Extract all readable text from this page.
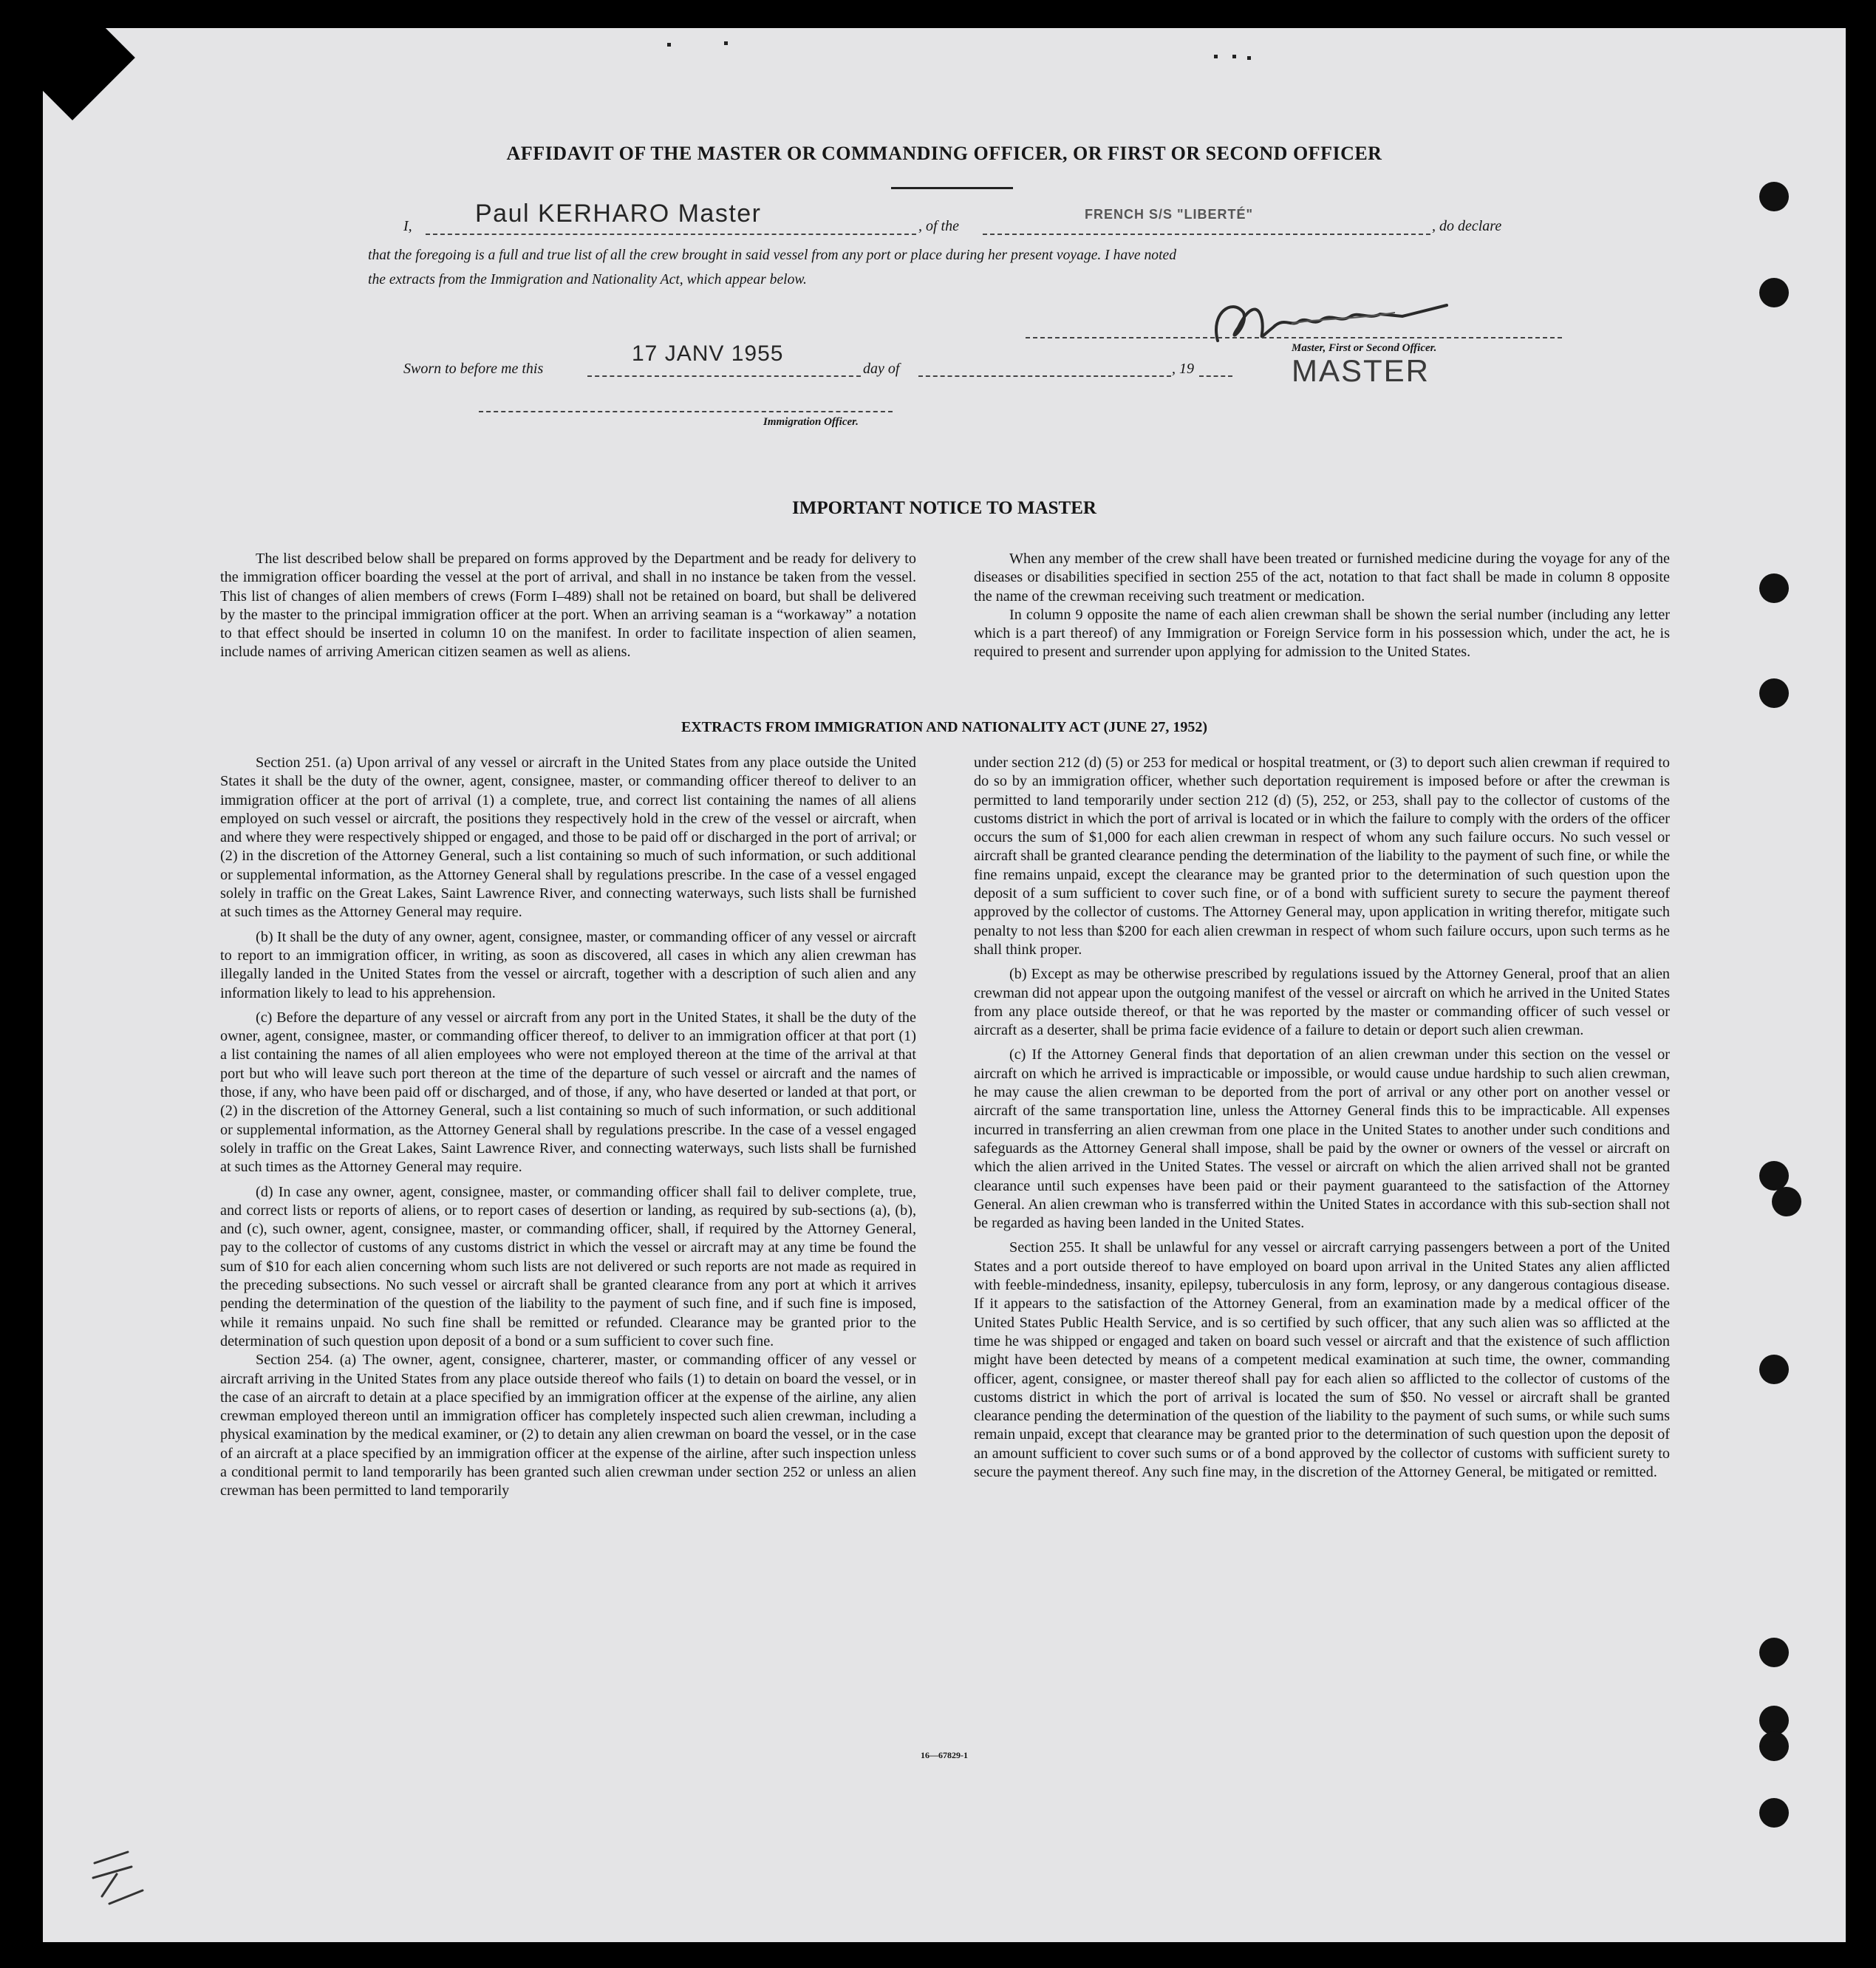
AFFIDAVIT OF THE MASTER OR COMMANDING OFFICER, OR FIRST OR SECOND OFFICER
I,	Paul KERHARO Master	, of the
FRENCH S/S "LIBERTÉ"
, do declare
that the foregoing is a full and true list of all the crew brought in said vessel from any port or place during her present voyage. I have noted
the extracts from the Immigration and Nationality Act, which appear below.
Master, First or Second Officer.
Sworn to before me this
17 JANV 1955
day of	, 19	MASTER
Immigration Officer.
IMPORTANT NOTICE TO MASTER

The list described below shall be prepared on forms approved by the Department and be ready for delivery to the immigration officer boarding the vessel at the port of arrival, and shall in no instance be taken from the vessel. This list of changes of alien members of crews (Form I–489) shall not be retained on board, but shall be delivered by the master to the principal immigration officer at the port. When an arriving seaman is a “workaway” a notation to that effect should be inserted in column 10 on the manifest. In order to facilitate inspection of alien seamen, include names of arriving American citizen seamen as well as aliens.

When any member of the crew shall have been treated or furnished medicine during the voyage for any of the diseases or disabilities specified in section 255 of the act, notation to that fact shall be made in column 8 opposite the name of the crewman receiving such treatment or medication.

In column 9 opposite the name of each alien crewman shall be shown the serial number (including any letter which is a part thereof) of any Immigration or Foreign Service form in his possession which, under the act, he is required to present and surrender upon applying for admission to the United States.

EXTRACTS FROM IMMIGRATION AND NATIONALITY ACT (JUNE 27, 1952)

Section 251. (a) Upon arrival of any vessel or aircraft in the United States from any place outside the United States it shall be the duty of the owner, agent, consignee, master, or commanding officer thereof to deliver to an immigration officer at the port of arrival (1) a complete, true, and correct list containing the names of all aliens employed on such vessel or aircraft, the positions they respectively hold in the crew of the vessel or aircraft, when and where they were respectively shipped or engaged, and those to be paid off or discharged in the port of arrival; or (2) in the discretion of the Attorney General, such a list containing so much of such information, or such additional or supplemental information, as the Attorney General shall by regulations prescribe. In the case of a vessel engaged solely in traffic on the Great Lakes, Saint Lawrence River, and connecting waterways, such lists shall be furnished at such times as the Attorney General may require.

(b) It shall be the duty of any owner, agent, consignee, master, or commanding officer of any vessel or aircraft to report to an immigration officer, in writing, as soon as discovered, all cases in which any alien crewman has illegally landed in the United States from the vessel or aircraft, together with a description of such alien and any information likely to lead to his apprehension.

(c) Before the departure of any vessel or aircraft from any port in the United States, it shall be the duty of the owner, agent, consignee, master, or commanding officer thereof, to deliver to an immigration officer at that port (1) a list containing the names of all alien employees who were not employed thereon at the time of the arrival at that port but who will leave such port thereon at the time of the departure of such vessel or aircraft and the names of those, if any, who have been paid off or discharged, and of those, if any, who have deserted or landed at that port, or (2) in the discretion of the Attorney General, such a list containing so much of such information, or such additional or supplemental information, as the Attorney General shall by regulations prescribe. In the case of a vessel engaged solely in traffic on the Great Lakes, Saint Lawrence River, and connecting waterways, such lists shall be furnished at such times as the Attorney General may require.

(d) In case any owner, agent, consignee, master, or commanding officer shall fail to deliver complete, true, and correct lists or reports of aliens, or to report cases of desertion or landing, as required by sub-sections (a), (b), and (c), such owner, agent, consignee, master, or commanding officer, shall, if required by the Attorney General, pay to the collector of customs of any customs district in which the vessel or aircraft may at any time be found the sum of $10 for each alien concerning whom such lists are not delivered or such reports are not made as required in the preceding subsections. No such vessel or aircraft shall be granted clearance from any port at which it arrives pending the determination of the question of the liability to the payment of such fine, and if such fine is imposed, while it remains unpaid. No such fine shall be remitted or refunded. Clearance may be granted prior to the determination of such question upon deposit of a bond or a sum sufficient to cover such fine.

Section 254. (a) The owner, agent, consignee, charterer, master, or commanding officer of any vessel or aircraft arriving in the United States from any place outside thereof who fails (1) to detain on board the vessel, or in the case of an aircraft to detain at a place specified by an immigration officer at the expense of the airline, any alien crewman employed thereon until an immigration officer has completely inspected such alien crewman, including a physical examination by the medical examiner, or (2) to detain any alien crewman on board the vessel, or in the case of an aircraft at a place specified by an immigration officer at the expense of the airline, after such inspection unless a conditional permit to land temporarily has been granted such alien crewman under section 252 or unless an alien crewman has been permitted to land temporarily

under section 212 (d) (5) or 253 for medical or hospital treatment, or (3) to deport such alien crewman if required to do so by an immigration officer, whether such deportation requirement is imposed before or after the crewman is permitted to land temporarily under section 212 (d) (5), 252, or 253, shall pay to the collector of customs of the customs district in which the port of arrival is located or in which the failure to comply with the orders of the officer occurs the sum of $1,000 for each alien crewman in respect of whom any such failure occurs. No such vessel or aircraft shall be granted clearance pending the determination of the liability to the payment of such fine, or while the fine remains unpaid, except the clearance may be granted prior to the determination of such question upon the deposit of a sum sufficient to cover such fine, or of a bond with sufficient surety to secure the payment thereof approved by the collector of customs. The Attorney General may, upon application in writing therefor, mitigate such penalty to not less than $200 for each alien crewman in respect of whom such failure occurs, upon such terms as he shall think proper.

(b) Except as may be otherwise prescribed by regulations issued by the Attorney General, proof that an alien crewman did not appear upon the outgoing manifest of the vessel or aircraft on which he arrived in the United States from any place outside thereof, or that he was reported by the master or commanding officer of such vessel or aircraft as a deserter, shall be prima facie evidence of a failure to detain or deport such alien crewman.

(c) If the Attorney General finds that deportation of an alien crewman under this section on the vessel or aircraft on which he arrived is impracticable or impossible, or would cause undue hardship to such alien crewman, he may cause the alien crewman to be deported from the port of arrival or any other port on another vessel or aircraft of the same transportation line, unless the Attorney General finds this to be impracticable. All expenses incurred in transferring an alien crewman from one place in the United States to another under such conditions and safeguards as the Attorney General shall impose, shall be paid by the owner or owners of the vessel or aircraft on which the alien arrived in the United States. The vessel or aircraft on which the alien arrived shall not be granted clearance until such expenses have been paid or their payment guaranteed to the satisfaction of the Attorney General. An alien crewman who is transferred within the United States in accordance with this sub-section shall not be regarded as having been landed in the United States.

Section 255. It shall be unlawful for any vessel or aircraft carrying passengers between a port of the United States and a port outside thereof to have employed on board upon arrival in the United States any alien afflicted with feeble-mindedness, insanity, epilepsy, tuberculosis in any form, leprosy, or any dangerous contagious disease. If it appears to the satisfaction of the Attorney General, from an examination made by a medical officer of the United States Public Health Service, and is so certified by such officer, that any such alien was so afflicted at the time he was shipped or engaged and taken on board such vessel or aircraft and that the existence of such affliction might have been detected by means of a competent medical examination at such time, the owner, commanding officer, agent, consignee, or master thereof shall pay for each alien so afflicted to the collector of customs of the customs district in which the port of arrival is located the sum of $50. No vessel or aircraft shall be granted clearance pending the determination of the question of the liability to the payment of such sums, or while such sums remain unpaid, except that clearance may be granted prior to the determination of such question upon the deposit of an amount sufficient to cover such sums or of a bond approved by the collector of customs with sufficient surety to secure the payment thereof. Any such fine may, in the discretion of the Attorney General, be mitigated or remitted.

16—67829-1
